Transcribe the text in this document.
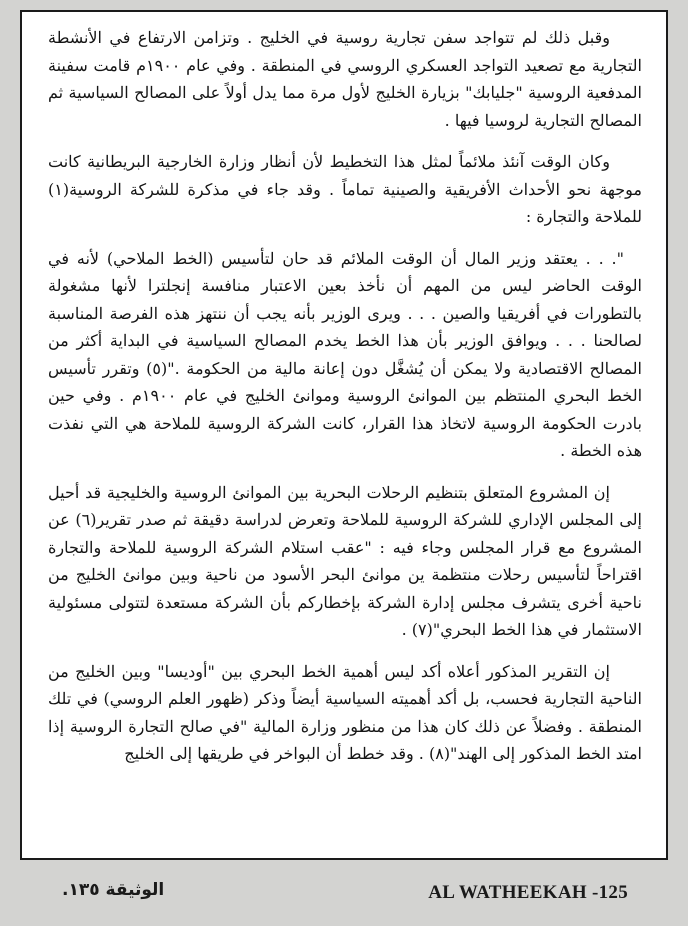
وقبل ذلك لم تتواجد سفن تجارية روسية في الخليج . وتزامن الارتفاع في الأنشطة التجارية مع تصعيد التواجد العسكري الروسي في المنطقة . وفي عام ١٩٠٠م قامت سفينة المدفعية الروسية "جليابك" بزيارة الخليج لأول مرة مما يدل أولاً على المصالح السياسية ثم المصالح التجارية لروسيا فيها .

وكان الوقت آنئذ ملائماً لمثل هذا التخطيط لأن أنظار وزارة الخارجية البريطانية كانت موجهة نحو الأحداث الأفريقية والصينية تماماً . وقد جاء في مذكرة للشركة الروسية(١) للملاحة والتجارة :

". . . يعتقد وزير المال أن الوقت الملائم قد حان لتأسيس (الخط الملاحي) لأنه في الوقت الحاضر ليس من المهم أن نأخذ بعين الاعتبار منافسة إنجلترا لأنها مشغولة بالتطورات في أفريقيا والصين . . . ويرى الوزير بأنه يجب أن ننتهز هذه الفرصة المناسبة لصالحنا . . . ويوافق الوزير بأن هذا الخط يخدم المصالح السياسية في البداية أكثر من المصالح الاقتصادية ولا يمكن أن يُشغَّل دون إعانة مالية من الحكومة ."(٥) وتقرر تأسيس الخط البحري المنتظم بين الموانئ الروسية وموانئ الخليج في عام ١٩٠٠م . وفي حين بادرت الحكومة الروسية لاتخاذ هذا القرار، كانت الشركة الروسية للملاحة هي التي نفذت هذه الخطة .

إن المشروع المتعلق بتنظيم الرحلات البحرية بين الموانئ الروسية والخليجية قد أحيل إلى المجلس الإداري للشركة الروسية للملاحة وتعرض لدراسة دقيقة ثم صدر تقرير(٦) عن المشروع مع قرار المجلس وجاء فيه : "عقب استلام الشركة الروسية للملاحة والتجارة اقتراحاً لتأسيس رحلات منتظمة ين موانئ البحر الأسود من ناحية وبين موانئ الخليج من ناحية أخرى يتشرف مجلس إدارة الشركة بإخطاركم بأن الشركة مستعدة لتتولى مسئولية الاستثمار في هذا الخط البحري"(٧) .

إن التقرير المذكور أعلاه أكد ليس أهمية الخط البحري بين "أوديسا" وبين الخليج من الناحية التجارية فحسب، بل أكد أهميته السياسية أيضاً وذكر (ظهور العلم الروسي) في تلك المنطقة . وفضلاً عن ذلك كان هذا من منظور وزارة المالية "في صالح التجارة الروسية إذا امتد الخط المذكور إلى الهند"(٨) . وقد خطط أن البواخر في طريقها إلى الخليج

AL WATHEEKAH -125
الوثيقة ١٣٥.
